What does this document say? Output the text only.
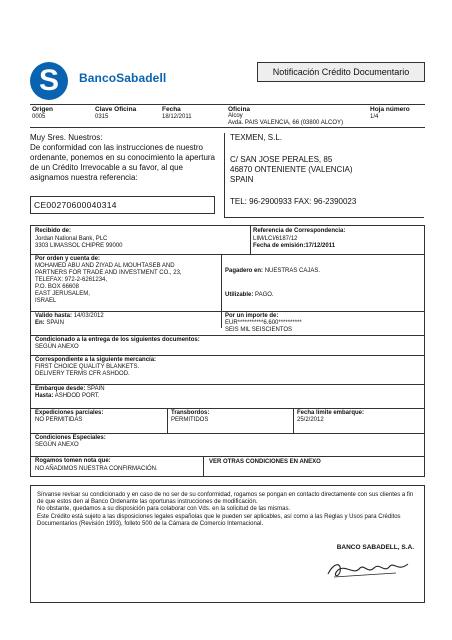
B
S	BancoSabadell	Notificación Crédito Documentario
Origen
0005
Clave Oficina
0315
Fecha
18/12/2011
Oficina
Alcoy
Avda. PAIS VALENCIA, 66 (03800 ALCOY)
Hoja número
1/4
Muy Sres. Nuestros:
De conformidad con las instrucciones de nuestro ordenante, ponemos en su conocimiento la apertura de un Crédito Irrevocable a su favor, al que asignamos nuestra referencia:
CE00270600040314
TEXMEN, S.L.
C/ SAN JOSE PERALES, 85
46870 ONTENIENTE (VALENCIA)
SPAIN
TEL: 96-2900933 FAX: 96-2390023
Recibido de:
Jordan National Bank, PLC
3303 LIMASSOL CHIPRE 99000
Referencia de Correspondencia:
LIM/LCI/6187/12
Fecha de emisión:17/12/2011
Por orden y cuenta de:
MOHAMED ABU AND ZIYAD AL MOUHTASEB AND
PARTNERS FOR TRADE AND INVESTMENT CO., 23,
TELEFAX: 972-2-6261234,
P.O. BOX 66608
EAST JERUSALEM,
ISRAEL
Pagadero en: NUESTRAS CAJAS.
Utilizable: PAGO.
Valido hasta: 14/03/2012
En: SPAIN
Por un importe de:
EUR***********6.600**********
SEIS MIL SEISCIENTOS
Condicionado a la entrega de los siguientes documentos:
SEGÚN ANEXO
Correspondiente a la siguiente mercancía:
FIRST CHOICE QUALITY BLANKETS.
DELIVERY TERMS CFR ASHDOD.
Embarque desde: SPAIN
Hasta: ASHDOD PORT.
Expediciones parciales:
NO PERMITIDAS
Transbordos:
PERMITIDOS
Fecha límite embarque:
25/2/2012
Condiciones Especiales:
SEGÚN ANEXO
Rogamos tomen nota que:
NO AÑADIMOS NUESTRA CONFIRMACIÓN.
VER OTRAS CONDICIONES EN ANEXO
Sírvanse revisar su condicionado y en caso de no ser de su conformidad, rogamos se pongan en contacto directamente con sus clientes a fin de que estos den al Banco Ordenante las oportunas instrucciones de modificación.
No obstante, quedamos a su disposición para colaborar con Vds. en la solicitud de las mismas.
Este Crédito está sujeto a las disposiciones legales españolas que le pueden ser aplicables, así como a las Reglas y Usos para Créditos Documentarios (Revisión 1993), folleto 500 de la Cámara de Comercio Internacional.
BANCO SABADELL, S.A.
